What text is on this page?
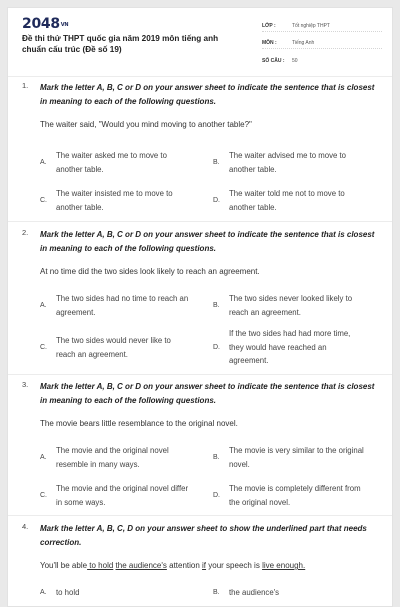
$2048^{VN}$
Đề thi thử THPT quốc gia năm 2019 môn tiếng anh chuẩn cấu trúc (Đề số 19)
LỚP :	Tốt nghiệp THPT
MÔN :	Tiếng Anh
SỐ CÂU :	50
1. Mark the letter A, B, C or D on your answer sheet to indicate the sentence that is closest in meaning to each of the following questions.
The waiter said, "Would you mind moving to another table?"
A.
The waiter asked me to move to another table.
B.
The waiter advised me to move to another table.
C.
The waiter insisted me to move to another table.
D.
The waiter told me not to move to another table.
2. Mark the letter A, B, C or D on your answer sheet to indicate the sentence that is closest in meaning to each of the following questions.
At no time did the two sides look likely to reach an agreement.
A.
The two sides had no time to reach an agreement.
B.
The two sides never looked likely to reach an agreement.
C.
The two sides would never like to reach an agreement.
D.
If the two sides had had more time, they would have reached an agreement.
3. Mark the letter A, B, C or D on your answer sheet to indicate the sentence that is closest in meaning to each of the following questions.
The movie bears little resemblance to the original novel.
A.
The movie and the original novel resemble in many ways.
B.
The movie is very similar to the original novel.
C.
The movie and the original novel differ in some ways.
D.
The movie is completely different from the original novel.
4. Mark the letter A, B, C, D on your answer sheet to show the underlined part that needs correction.
You'll be able to hold the audience's attention if your speech is live enough.
A.	to hold	B.	the audience's
